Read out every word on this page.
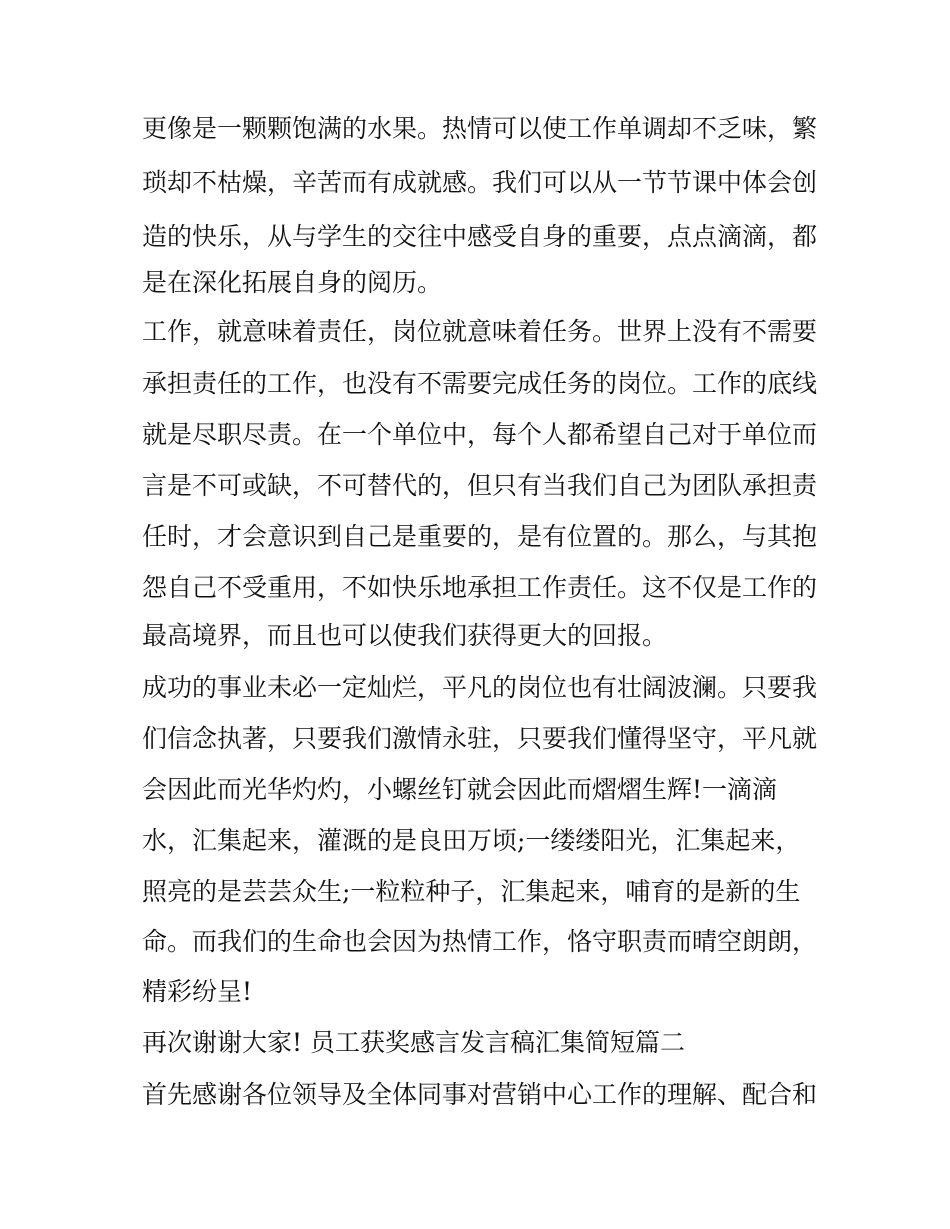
更像是一颗颗饱满的水果。热情可以使工作单调却不乏味，繁
琐却不枯燥，辛苦而有成就感。我们可以从一节节课中体会创
造的快乐，从与学生的交往中感受自身的重要，点点滴滴，都
是在深化拓展自身的阅历。
工作，就意味着责任，岗位就意味着任务。世界上没有不需要
承担责任的工作，也没有不需要完成任务的岗位。工作的底线
就是尽职尽责。在一个单位中，每个人都希望自己对于单位而
言是不可或缺，不可替代的，但只有当我们自己为团队承担责
任时，才会意识到自己是重要的，是有位置的。那么，与其抱
怨自己不受重用，不如快乐地承担工作责任。这不仅是工作的
最高境界，而且也可以使我们获得更大的回报。
成功的事业未必一定灿烂，平凡的岗位也有壮阔波澜。只要我
们信念执著，只要我们激情永驻，只要我们懂得坚守，平凡就
会因此而光华灼灼，小螺丝钉就会因此而熠熠生辉!一滴滴
水，汇集起来，灌溉的是良田万顷;一缕缕阳光，汇集起来，
照亮的是芸芸众生;一粒粒种子，汇集起来，哺育的是新的生
命。而我们的生命也会因为热情工作，恪守职责而晴空朗朗，
精彩纷呈!
再次谢谢大家! 员工获奖感言发言稿汇集简短篇二
首先感谢各位领导及全体同事对营销中心工作的理解、配合和
